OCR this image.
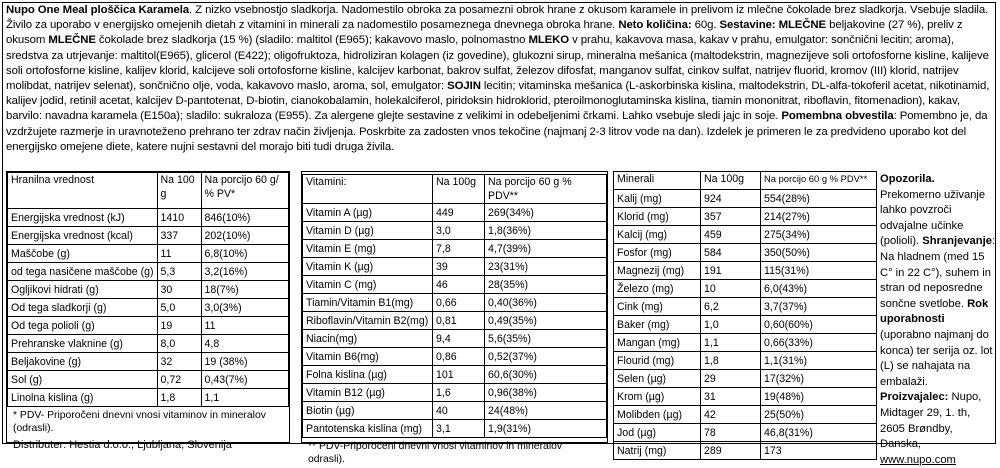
Nupo One Meal ploščica Karamela. Z nizko vsebnostjo sladkorja. Nadomestilo obroka za posamezni obrok hrane z okusom karamele in prelivom iz mlečne čokolade brez sladkorja. Vsebuje sladila. Živilo za uporabo v energijsko omejenih dietah z vitamini in minerali za nadomestilo posameznega dnevnega obroka hrane. Neto količina: 60g. Sestavine: MLEČNE beljakovine (27 %), preliv z okusom MLEČNE čokolade brez sladkorja (15 %) (sladilo: maltitol (E965); kakavovo maslo, polnomastno MLEKO v prahu, kakavova masa, kakav v prahu, emulgator: sončnični lecitin; aroma), sredstva za utrjevanje: maltitol(E965), glicerol (E422); oligofruktoza, hidroliziran kolagen (iz govedine), glukozni sirup, mineralna mešanica (maltodekstrin, magnezijeve soli ortofosforne kisline, kalijeve soli ortofosforne kisline, kalijev klorid, kalcijeve soli ortofosforne kisline, kalcijev karbonat, bakrov sulfat, železov difosfat, manganov sulfat, cinkov sulfat, natrijev fluorid, kromov (III) klorid, natrijev molibdat, natrijev selenat), sončnično olje, voda, kakavovo maslo, aroma, sol, emulgator: SOJIN lecitin; vitaminska mešanica (L-askorbinska kislina, maltodekstrin, DL-alfa-tokoferil acetat, nikotinamid, kalijev jodid, retinil acetat, kalcijev D-pantotenat, D-biotin, cianokobalamin, holekalciferol, piridoksin hidroklorid, pteroilmonoglutaminska kislina, tiamin mononitrat, riboflavin, fitomenadion), kakav, barvilo: navadna karamela (E150a); sladilo: sukraloza (E955). Za alergene glejte sestavine z velikimi in odebeljenimi črkami. Lahko vsebuje sledi jajc in soje. Pomembna obvestila: Pomembno je, da vzdržujete razmerje in uravnoteženo prehrano ter zdrav način življenja. Poskrbite za zadosten vnos tekočine (najmanj 2-3 litrov vode na dan). Izdelek je primeren le za predvideno uporabo kot del energijsko omejene diete, katere nujni sestavni del morajo biti tudi druga živila.
Hranilna vrednost	Na 100 g	Na porcijo 60 g/ % PV*
Energijska vrednost (kJ)	1410	846(10%)
Energijska vrednost (kcal)	337	202(10%)
Maščobe (g)	11	6,8(10%)
od tega nasičene maščobe (g)	5,3	3,2(16%)
Ogljikovi hidrati (g)	30	18(7%)
Od tega sladkorji (g)	5,0	3,0(3%)
Od tega polioli (g)	19	11
Prehranske vlaknine (g)	8,0	4,8
Beljakovine (g)	32	19 (38%)
Sol (g)	0,72	0,43(7%)
Linolna kislina (g)	1,8	1,1
* PDV- Priporočeni dnevni vnosi vitaminov in mineralov (odrasli).
Distributer: Hestia d.o.o., Ljubljana, Slovenija
Vitamini:	Na 100g	Na porcijo 60 g % PDV**
Vitamin A (µg)	449	269(34%)
Vitamin D (µg)	3,0	1,8(36%)
Vitamin E (mg)	7,8	4,7(39%)
Vitamin K (µg)	39	23(31%)
Vitamin C (mg)	46	28(35%)
Tiamin/Vitamin B1(mg)	0,66	0,40(36%)
Riboflavin/Vitamin B2(mg)	0,81	0,49(35%)
Niacin(mg)	9,4	5,6(35%)
Vitamin B6(mg)	0,86	0,52(37%)
Folna kislina (µg)	101	60,6(30%)
Vitamin B12 (µg)	1,6	0,96(38%)
Biotin (µg)	40	24(48%)
Pantotenska kislina (mg)	3,1	1,9(31%)
** PDV-Priporočeni dnevni vnosi vitaminov in mineralov odrasli).
Minerali	Na 100g	Na porcijo 60 g % PDV**
Kalij (mg)	924	554(28%)
Klorid (mg)	357	214(27%)
Kalcij (mg)	459	275(34%)
Fosfor (mg)	584	350(50%)
Magnezij (mg)	191	115(31%)
Železo (mg)	10	6,0(43%)
Cink (mg)	6,2	3,7(37%)
Baker (mg)	1,0	0,60(60%)
Mangan (mg)	1,1	0,66(33%)
Flourid (mg)	1,8	1,1(31%)
Selen (µg)	29	17(32%)
Krom (µg)	31	19(48%)
Molibden (µg)	42	25(50%)
Jod (µg)	78	46,8(31%)
Natrij (mg)	289	173
Opozorila. Prekomerno uživanje lahko povzroči odvajalne učinke (polioli). Shranjevanje: Na hladnem (med 15 C° in 22 C°), suhem in stran od neposredne sončne svetlobe. Rok uporabnosti (uporabno najmanj do konca) ter serija oz. lot (L) se nahajata na embalaži. Proizvajalec: Nupo, Midtager 29, 1. th, 2605 Brøndby, Danska, www.nupo.com
